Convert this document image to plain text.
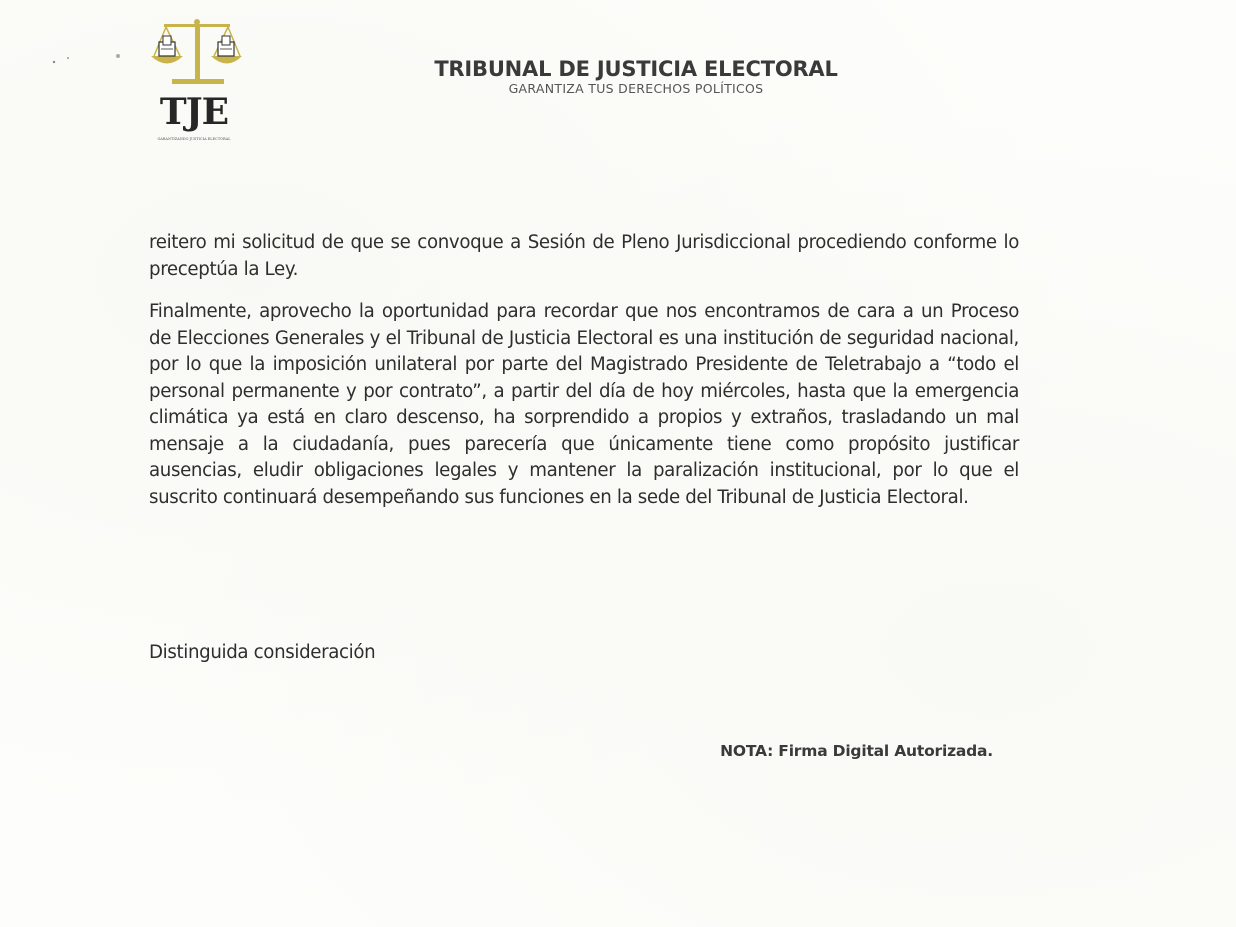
TJE
GARANTIZANDO JUSTICIA ELECTORAL
TRIBUNAL DE JUSTICIA ELECTORAL
GARANTIZA TUS DERECHOS POLÍTICOS

reitero mi solicitud de que se convoque a Sesión de Pleno Jurisdiccional procediendo conforme lo preceptúa la Ley.

Finalmente, aprovecho la oportunidad para recordar que nos encontramos de cara a un Proceso de Elecciones Generales y el Tribunal de Justicia Electoral es una institución de seguridad nacional, por lo que la imposición unilateral por parte del Magistrado Presidente de Teletrabajo a “todo el personal permanente y por contrato”, a partir del día de hoy miércoles, hasta que la emergencia climática ya está en claro descenso, ha sorprendido a propios y extraños, trasladando un mal mensaje a la ciudadanía, pues parecería que únicamente tiene como propósito justificar ausencias, eludir obligaciones legales y mantener la paralización institucional, por lo que el suscrito continuará desempeñando sus funciones en la sede del Tribunal de Justicia Electoral.

Distinguida consideración
NOTA: Firma Digital Autorizada.
